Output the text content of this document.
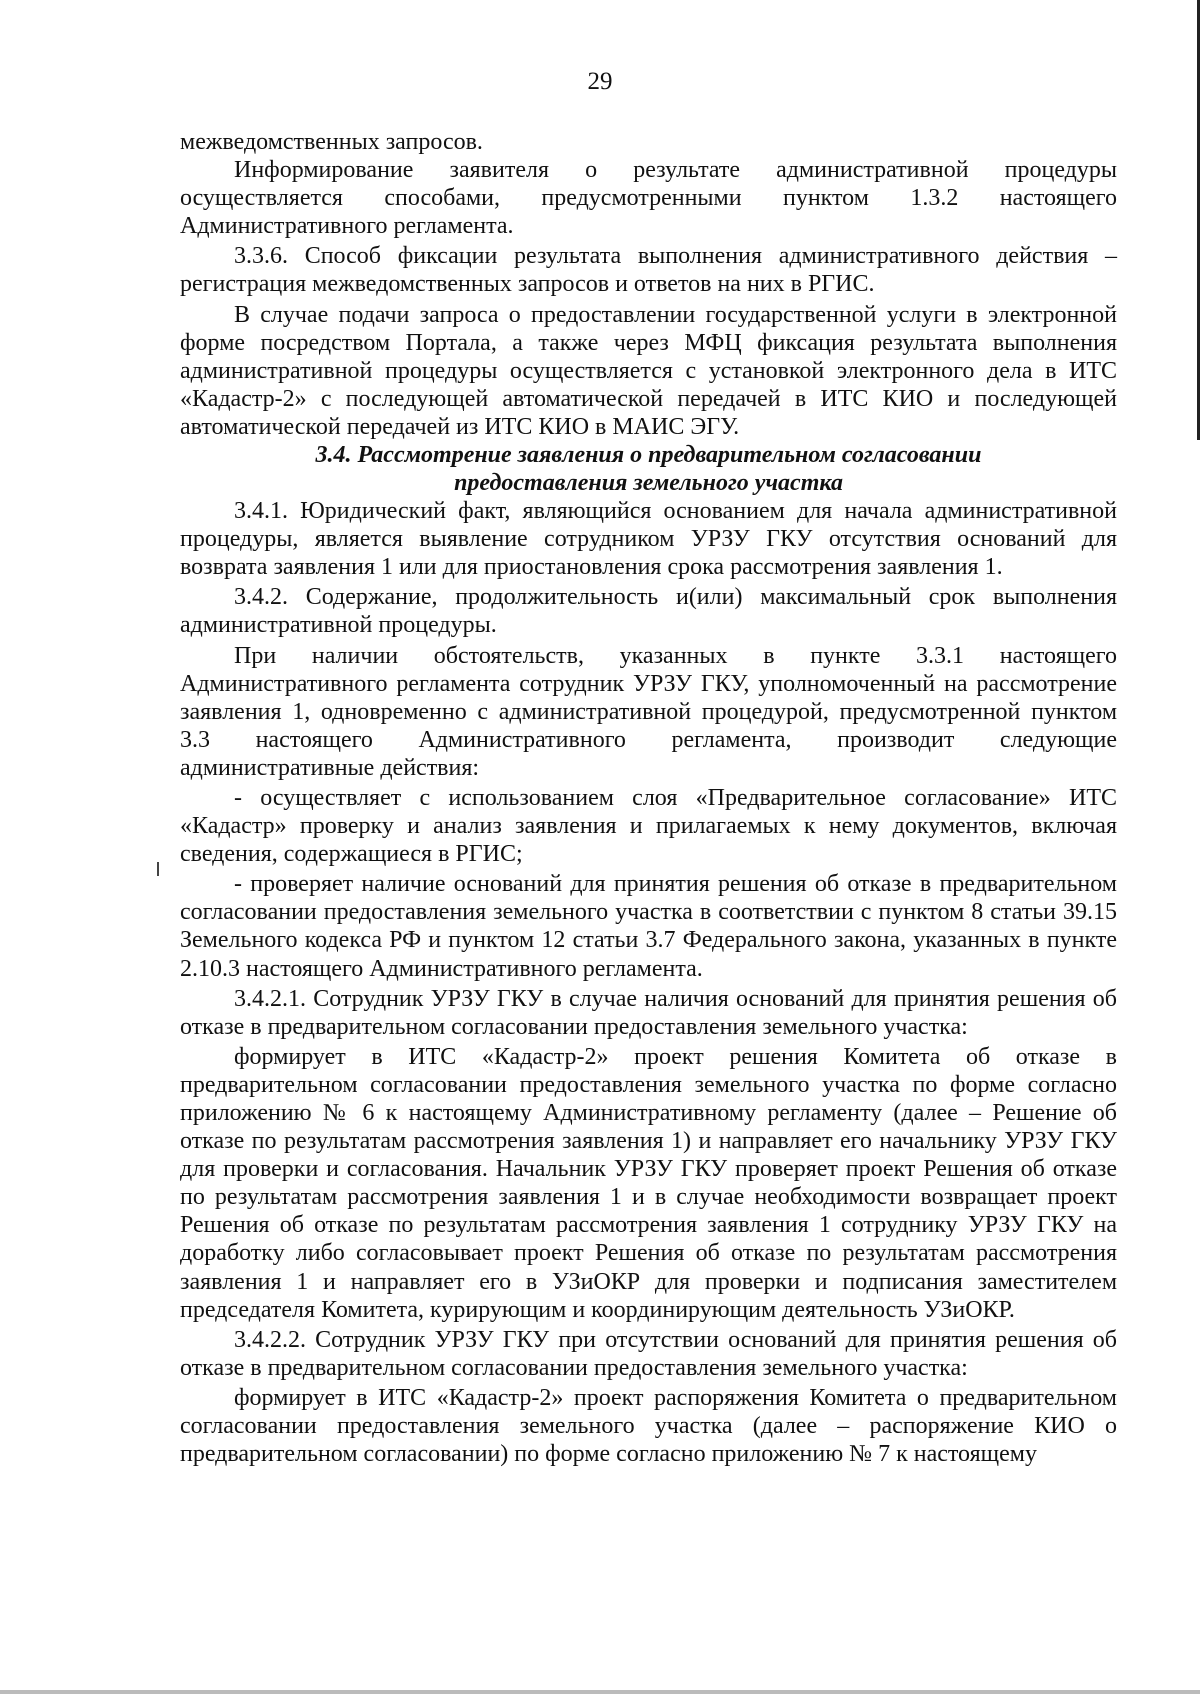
29

межведомственных запросов.

Информирование заявителя о результате административной процедуры осуществляется способами, предусмотренными пунктом 1.3.2 настоящего Административного регламента.

3.3.6. Способ фиксации результата выполнения административного действия – регистрация межведомственных запросов и ответов на них в РГИС.

В случае подачи запроса о предоставлении государственной услуги в электронной форме посредством Портала, а также через МФЦ фиксация результата выполнения административной процедуры осуществляется с установкой электронного дела в ИТС «Кадастр-2» с последующей автоматической передачей в ИТС КИО и последующей автоматической передачей из ИТС КИО в МАИС ЭГУ.

3.4. Рассмотрение заявления о предварительном согласовании
предоставления земельного участка

3.4.1. Юридический факт, являющийся основанием для начала административной процедуры, является выявление сотрудником УРЗУ ГКУ отсутствия оснований для возврата заявления 1 или для приостановления срока рассмотрения заявления 1.

3.4.2. Содержание, продолжительность и(или) максимальный срок выполнения административной процедуры.

При наличии обстоятельств, указанных в пункте 3.3.1 настоящего Административного регламента сотрудник УРЗУ ГКУ, уполномоченный на рассмотрение заявления 1, одновременно с административной процедурой, предусмотренной пунктом 3.3 настоящего Административного регламента, производит следующие административные действия:

- осуществляет с использованием слоя «Предварительное согласование» ИТС «Кадастр» проверку и анализ заявления и прилагаемых к нему документов, включая сведения, содержащиеся в РГИС;

- проверяет наличие оснований для принятия решения об отказе в предварительном согласовании предоставления земельного участка в соответствии с пунктом 8 статьи 39.15 Земельного кодекса РФ и пунктом 12 статьи 3.7 Федерального закона, указанных в пункте 2.10.3 настоящего Административного регламента.

3.4.2.1. Сотрудник УРЗУ ГКУ в случае наличия оснований для принятия решения об отказе в предварительном согласовании предоставления земельного участка:

формирует в ИТС «Кадастр-2» проект решения Комитета об отказе в предварительном согласовании предоставления земельного участка по форме согласно приложению № 6 к настоящему Административному регламенту (далее – Решение об отказе по результатам рассмотрения заявления 1) и направляет его начальнику УРЗУ ГКУ для проверки и согласования. Начальник УРЗУ ГКУ проверяет проект Решения об отказе по результатам рассмотрения заявления 1 и в случае необходимости возвращает проект Решения об отказе по результатам рассмотрения заявления 1 сотруднику УРЗУ ГКУ на доработку либо согласовывает проект Решения об отказе по результатам рассмотрения заявления 1 и направляет его в УЗиОКР для проверки и подписания заместителем председателя Комитета, курирующим и координирующим деятельность УЗиОКР.

3.4.2.2. Сотрудник УРЗУ ГКУ при отсутствии оснований для принятия решения об отказе в предварительном согласовании предоставления земельного участка:

формирует в ИТС «Кадастр-2» проект распоряжения Комитета о предварительном согласовании предоставления земельного участка (далее – распоряжение КИО о предварительном согласовании) по форме согласно приложению № 7 к настоящему
